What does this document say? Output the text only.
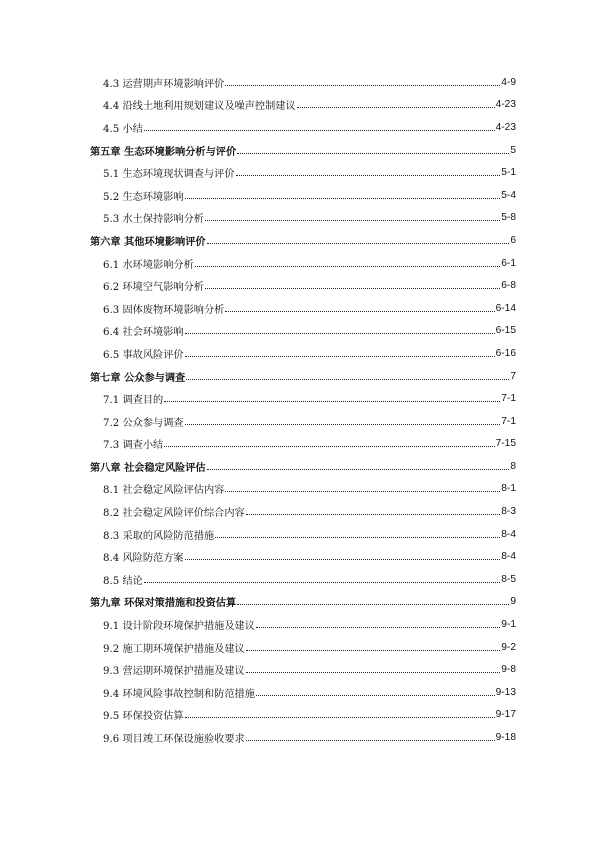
4.3 运营期声环境影响评价	4-9
4.4 沿线土地利用规划建议及噪声控制建议	4-23
4.5 小结	4-23
第五章 生态环境影响分析与评价	5
5.1 生态环境现状调查与评价	5-1
5.2 生态环境影响	5-4
5.3 水土保持影响分析	5-8
第六章 其他环境影响评价	6
6.1 水环境影响分析	6-1
6.2 环境空气影响分析	6-8
6.3 固体废物环境影响分析	6-14
6.4 社会环境影响	6-15
6.5 事故风险评价	6-16
第七章 公众参与调查	7
7.1 调查目的	7-1
7.2 公众参与调查	7-1
7.3 调查小结	7-15
第八章 社会稳定风险评估	8
8.1 社会稳定风险评估内容	8-1
8.2 社会稳定风险评价综合内容	8-3
8.3 采取的风险防范措施	8-4
8.4 风险防范方案	8-4
8.5 结论	8-5
第九章 环保对策措施和投资估算	9
9.1 设计阶段环境保护措施及建议	9-1
9.2 施工期环境保护措施及建议	9-2
9.3 营运期环境保护措施及建议	9-8
9.4 环境风险事故控制和防范措施	9-13
9.5 环保投资估算	9-17
9.6 项目竣工环保设施验收要求	9-18
